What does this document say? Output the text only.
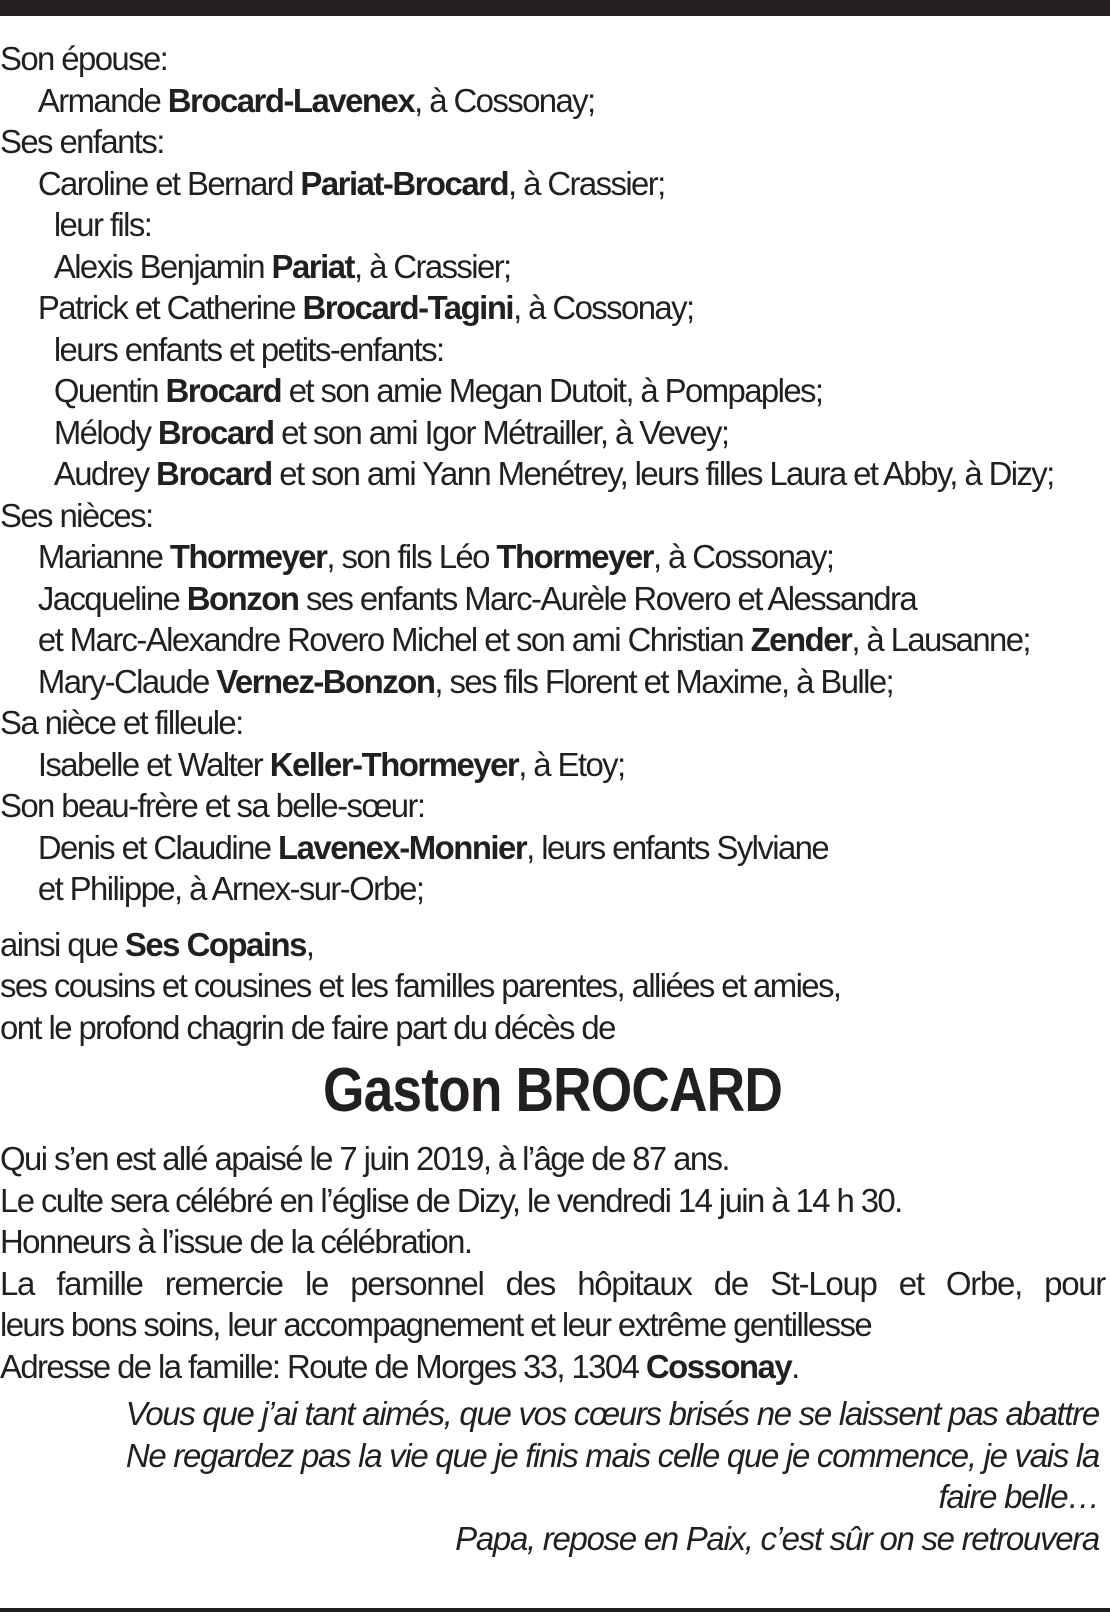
Son épouse:
Armande Brocard-Lavenex, à Cossonay;
Ses enfants:
Caroline et Bernard Pariat-Brocard, à Crassier;
leur fils:
Alexis Benjamin Pariat, à Crassier;
Patrick et Catherine Brocard-Tagini, à Cossonay;
leurs enfants et petits-enfants:
Quentin Brocard et son amie Megan Dutoit, à Pompaples;
Mélody Brocard et son ami Igor Métrailler, à Vevey;
Audrey Brocard et son ami Yann Menétrey, leurs filles Laura et Abby, à Dizy;
Ses nièces:
Marianne Thormeyer, son fils Léo Thormeyer, à Cossonay;
Jacqueline Bonzon ses enfants Marc-Aurèle Rovero et Alessandra
et Marc-Alexandre Rovero Michel et son ami Christian Zender, à Lausanne;
Mary-Claude Vernez-Bonzon, ses fils Florent et Maxime, à Bulle;
Sa nièce et filleule:
Isabelle et Walter Keller-Thormeyer, à Etoy;
Son beau-frère et sa belle-sœur:
Denis et Claudine Lavenex-Monnier, leurs enfants Sylviane
et Philippe, à Arnex-sur-Orbe;
ainsi que Ses Copains,
ses cousins et cousines et les familles parentes, alliées et amies,
ont le profond chagrin de faire part du décès de
Gaston BROCARD
Qui s’en est allé apaisé le 7 juin 2019, à l’âge de 87 ans.
Le culte sera célébré en l’église de Dizy, le vendredi 14 juin à 14 h 30.
Honneurs à l’issue de la célébration.
La famille remercie le personnel des hôpitaux de St-Loup et Orbe, pour
leurs bons soins, leur accompagnement et leur extrême gentillesse
Adresse de la famille: Route de Morges 33, 1304 Cossonay.
Vous que j’ai tant aimés, que vos cœurs brisés ne se laissent pas abattre
Ne regardez pas la vie que je finis mais celle que je commence, je vais la
faire belle…
Papa, repose en Paix, c’est sûr on se retrouvera
